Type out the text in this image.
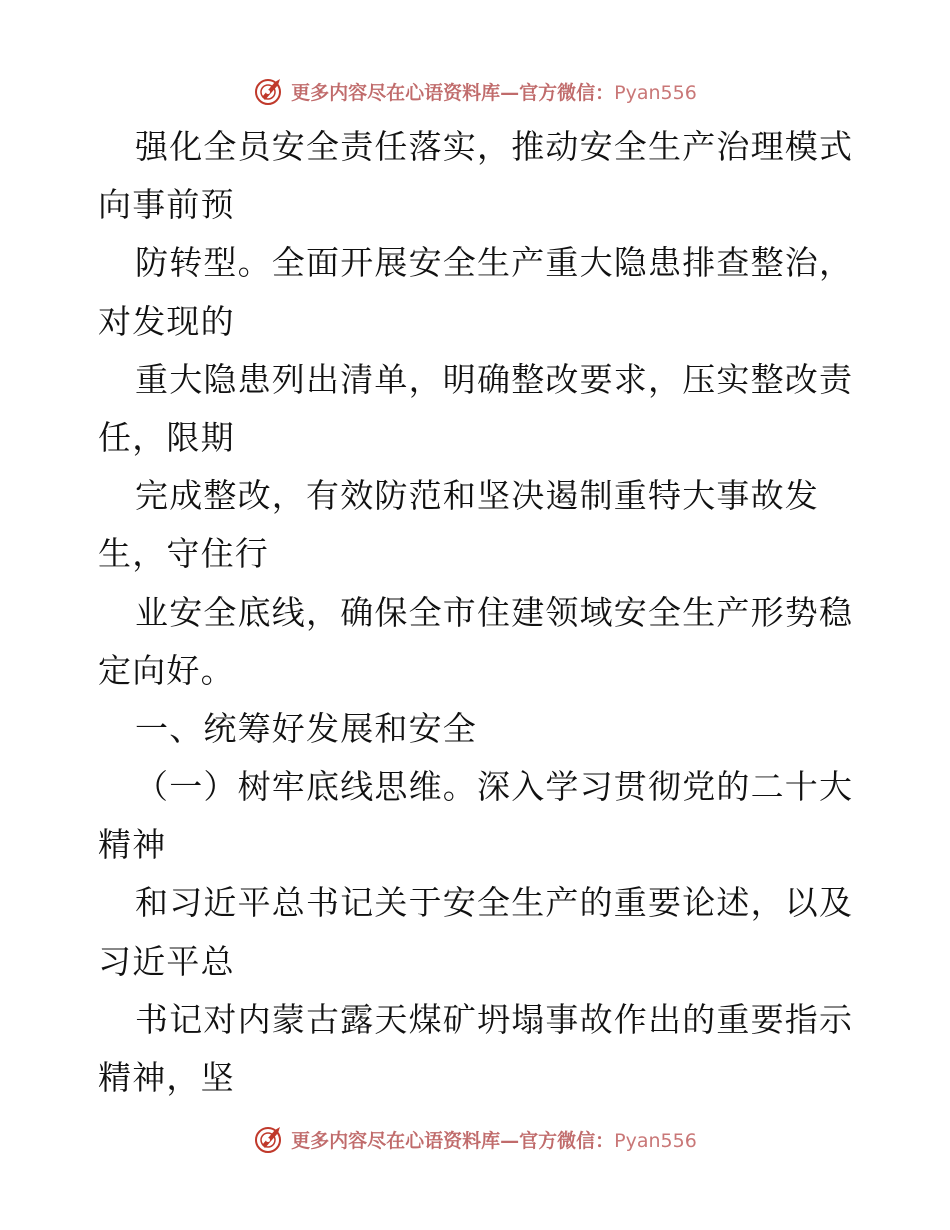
更多内容尽在心语资料库—官方微信：Pyan556
强化全员安全责任落实，推动安全生产治理模式
向事前预
防转型。全面开展安全生产重大隐患排查整治，
对发现的
重大隐患列出清单，明确整改要求，压实整改责
任，限期
完成整改，有效防范和坚决遏制重特大事故发
生，守住行
业安全底线，确保全市住建领域安全生产形势稳
定向好。
一、统筹好发展和安全
（一）树牢底线思维。深入学习贯彻党的二十大
精神
和习近平总书记关于安全生产的重要论述，以及
习近平总
书记对内蒙古露天煤矿坍塌事故作出的重要指示
精神，坚
更多内容尽在心语资料库—官方微信：Pyan556
